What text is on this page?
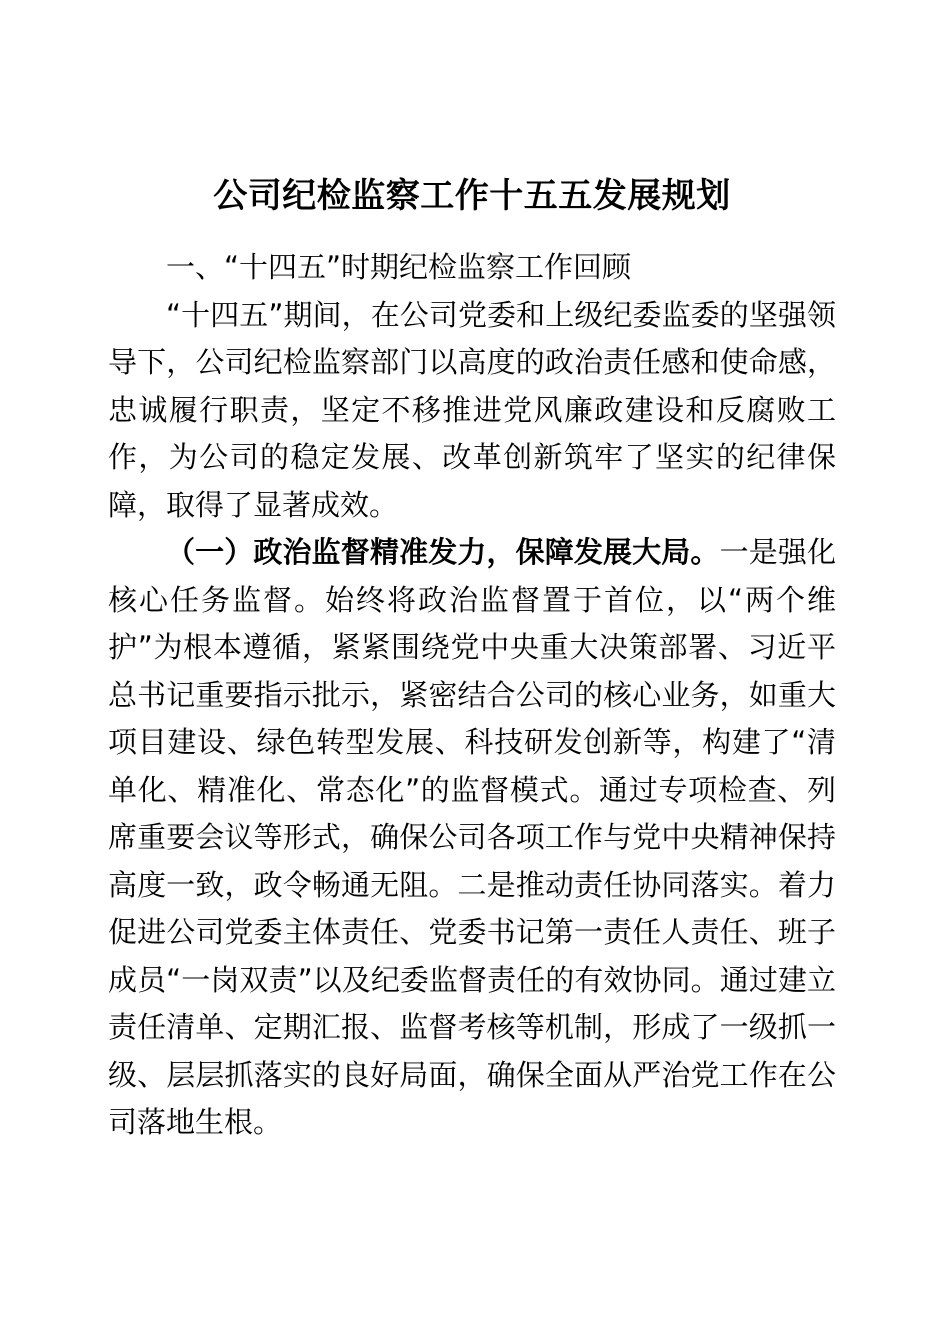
公司纪检监察工作十五五发展规划

一、“十四五”时期纪检监察工作回顾

“十四五”期间，在公司党委和上级纪委监委的坚强领导下，公司纪检监察部门以高度的政治责任感和使命感，忠诚履行职责，坚定不移推进党风廉政建设和反腐败工作，为公司的稳定发展、改革创新筑牢了坚实的纪律保障，取得了显著成效。

（一）政治监督精准发力，保障发展大局。一是强化核心任务监督。始终将政治监督置于首位，以“两个维护”为根本遵循，紧紧围绕党中央重大决策部署、习近平总书记重要指示批示，紧密结合公司的核心业务，如重大项目建设、绿色转型发展、科技研发创新等，构建了“清单化、精准化、常态化”的监督模式。通过专项检查、列席重要会议等形式，确保公司各项工作与党中央精神保持高度一致，政令畅通无阻。二是推动责任协同落实。着力促进公司党委主体责任、党委书记第一责任人责任、班子成员“一岗双责”以及纪委监督责任的有效协同。通过建立责任清单、定期汇报、监督考核等机制，形成了一级抓一级、层层抓落实的良好局面，确保全面从严治党工作在公司落地生根。
